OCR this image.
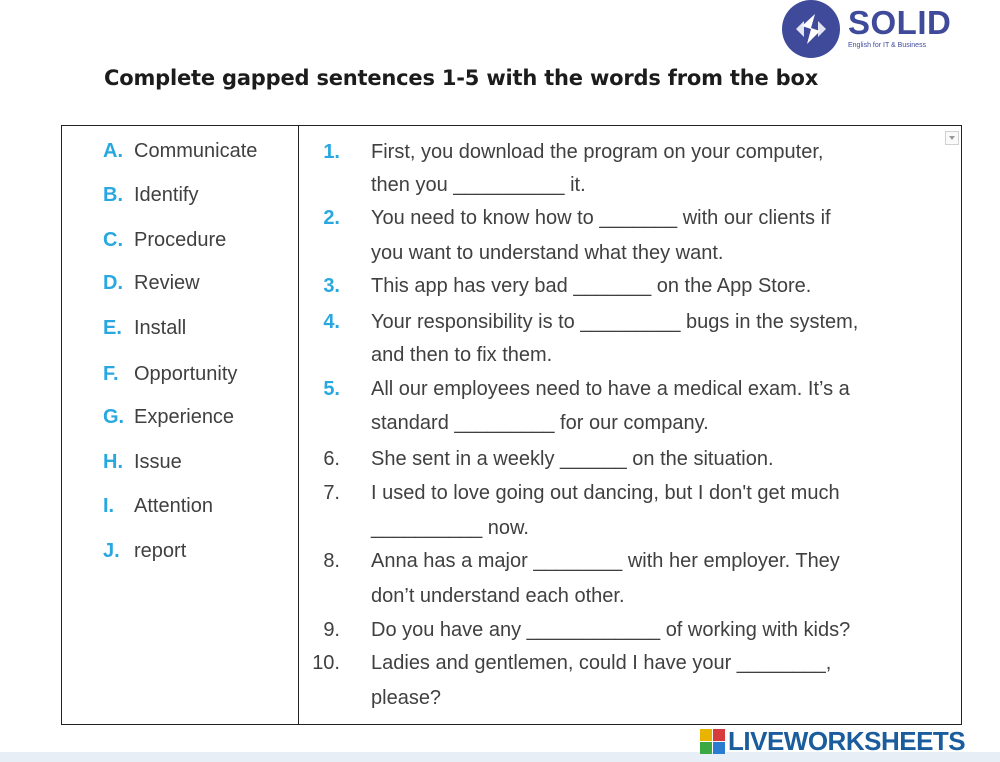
SOLID
English for IT & Business
Complete gapped sentences 1-5 with the words from the box
A. Communicate
B. Identify
C. Procedure
D. Review
E. Install
F. Opportunity
G. Experience
H. Issue
I. Attention
J. report
1. First, you download the program on your computer,
then you __________ it.
2. You need to know how to _______ with our clients if
you want to understand what they want.
3. This app has very bad _______ on the App Store.
4. Your responsibility is to _________ bugs in the system,
and then to fix them.
5. All our employees need to have a medical exam. It’s a
standard _________ for our company.
6. She sent in a weekly ______ on the situation.
7. I used to love going out dancing, but I don't get much
__________ now.
8. Anna has a major ________ with her employer. They
don’t understand each other.
9. Do you have any ____________ of working with kids?
10. Ladies and gentlemen, could I have your ________,
please?
LIVEWORKSHEETS
